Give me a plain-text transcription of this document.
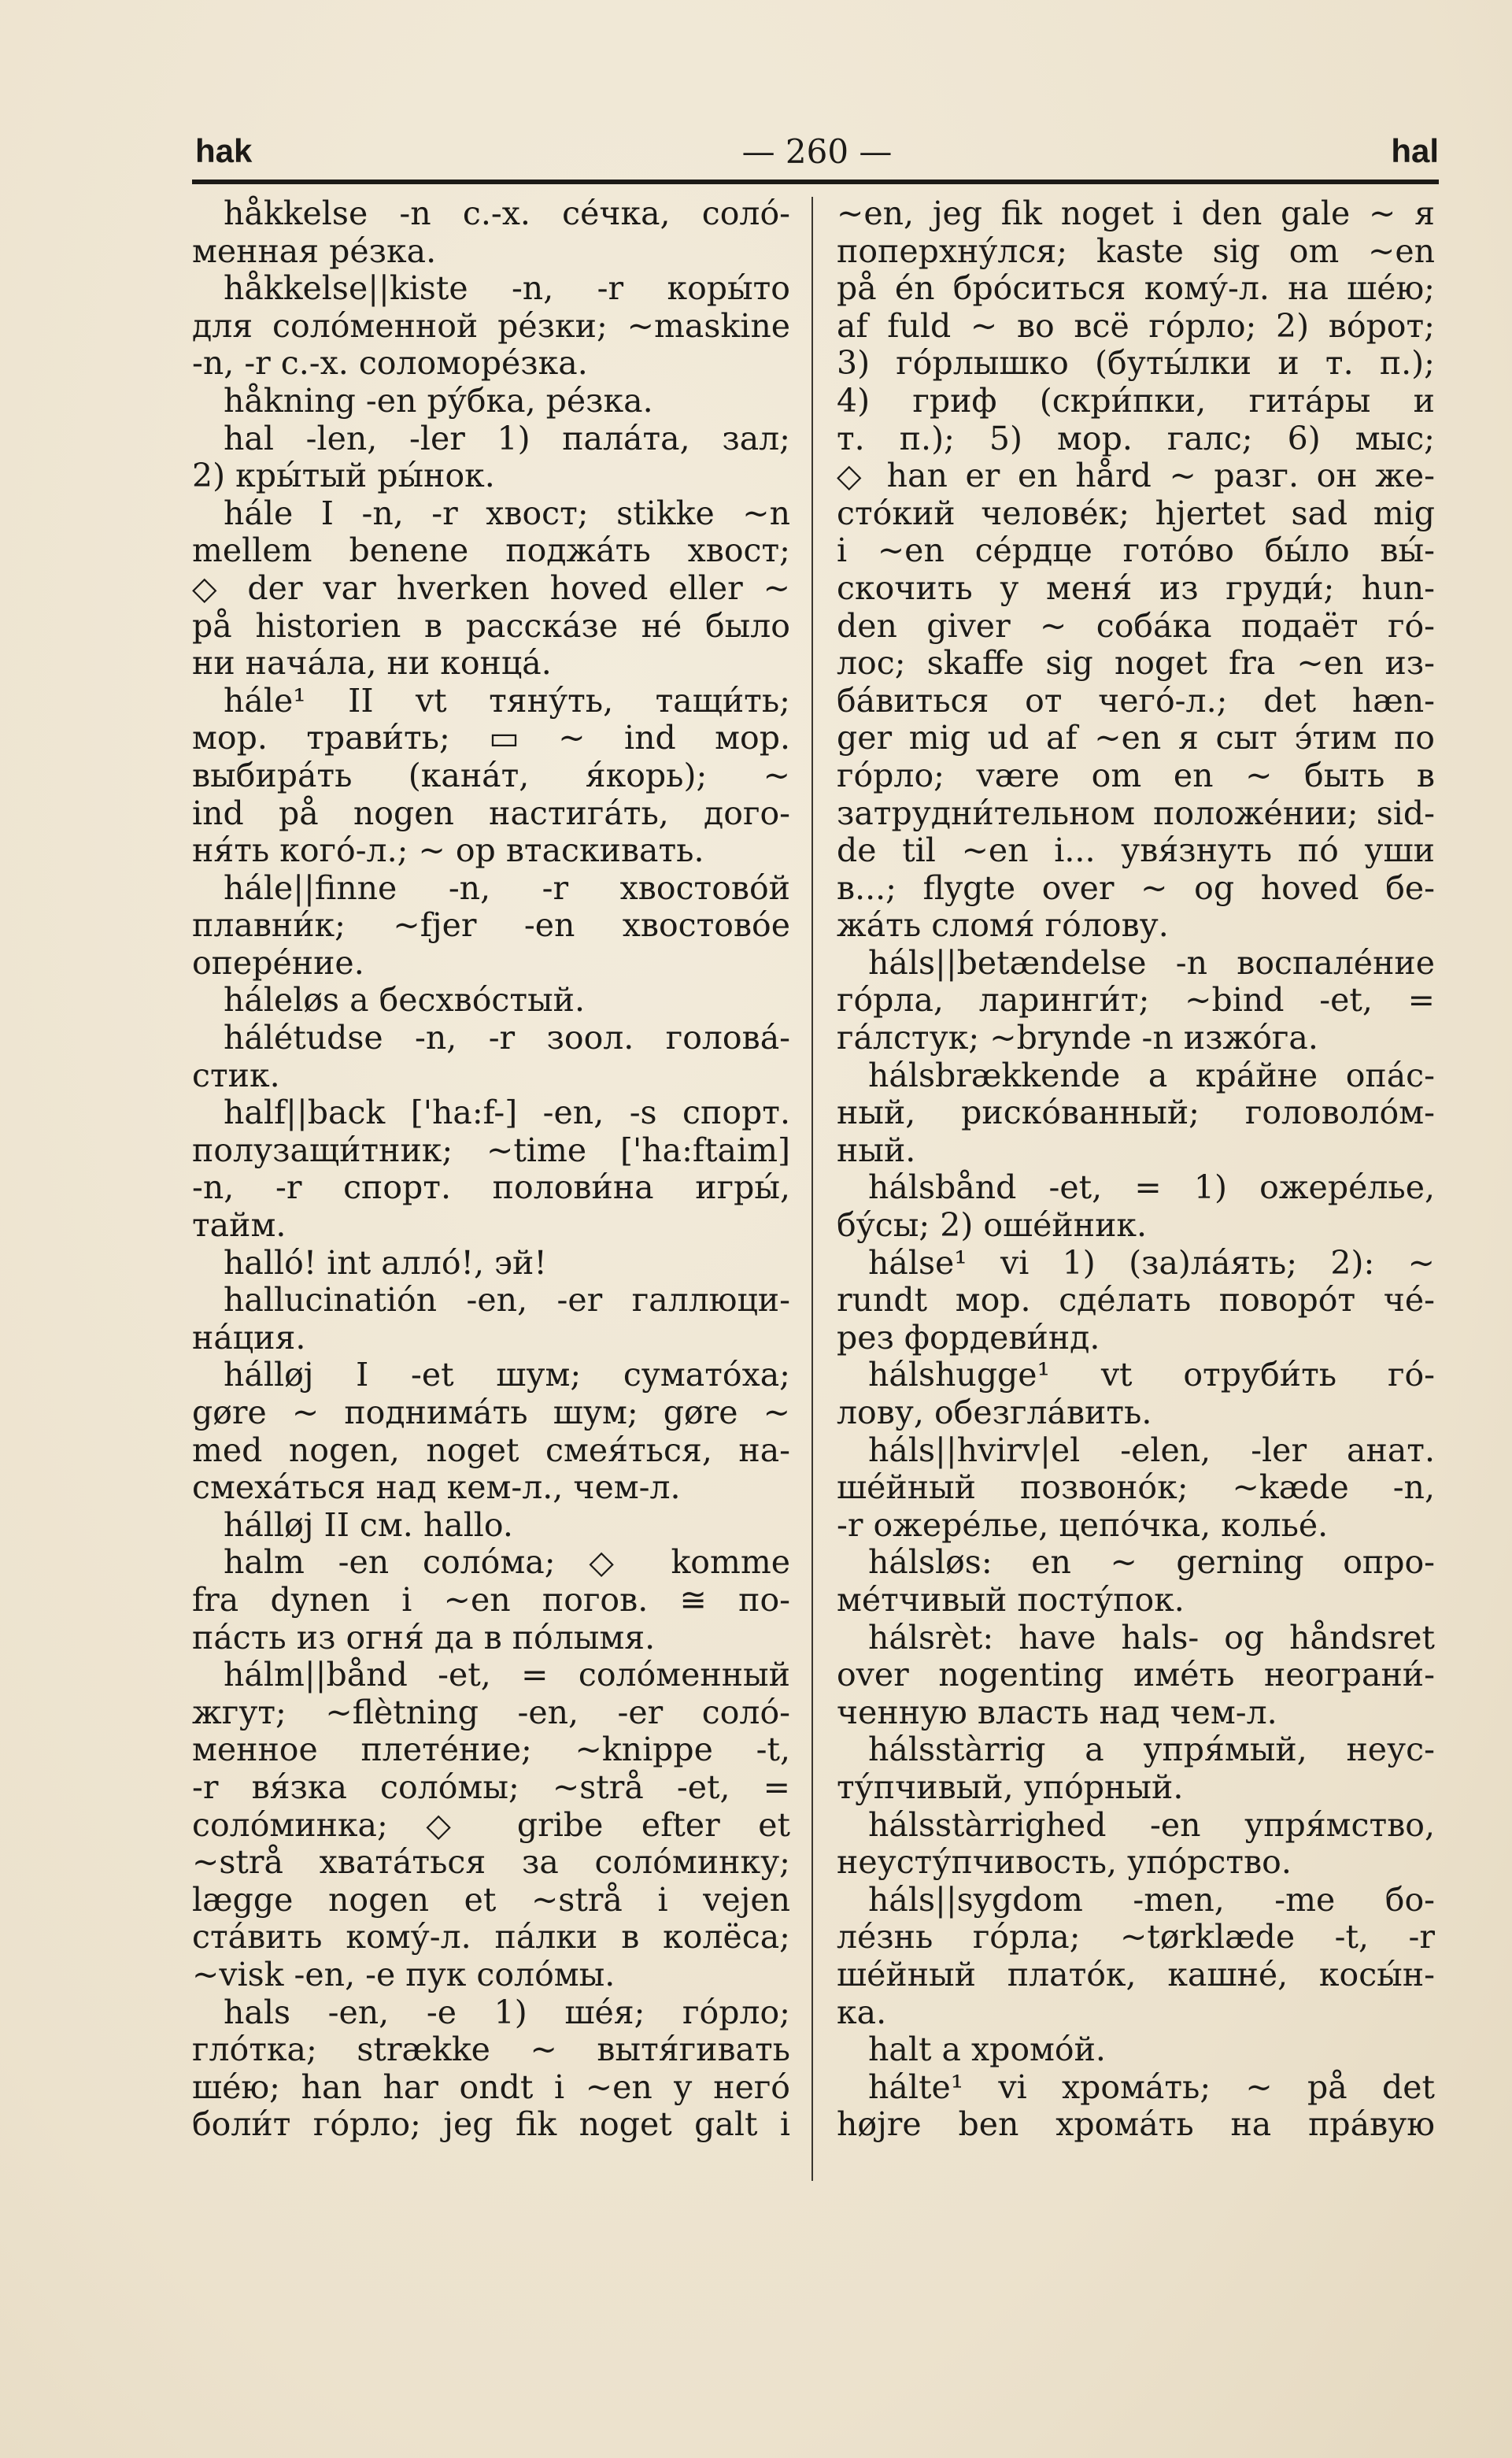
hak	— 260 —	hal
håkkelse -n с.-х. сéчка, соло́-
менная ре́зка.
håkkelse||kiste -n, -r коры́то
для соло́менной ре́зки; ~maskine
-n, -r с.-х. соломоре́зка.
håkning -en ру́бка, ре́зка.
hal -len, -ler 1) пала́та, зал;
2) кры́тый ры́нок.
hále I -n, -r хвост; stikke ~n
mellem benene поджа́ть хвост;
◇ der var hverken hoved eller ~
på historien в расска́зе не́ было
ни нача́ла, ни конца́.
hále¹ II vt тяну́ть, тащи́ть;
мор. трави́ть; ▭ ~ ind мор.
выбира́ть (кана́т, я́корь); ~
ind på nogen настига́ть, дого-
ня́ть кого́-л.; ~ op втаскивать.
hále||finne -n, -r хвостово́й
плавни́к; ~fjer -en хвостово́е
опере́ние.
háleløs a бесхво́стый.
hálétudse -n, -r зоол. голова́-
стик.
half||back ['ha:f-] -en, -s спорт.
полузащи́тник; ~time ['ha:ftaim]
-n, -r спорт. полови́на игры́,
тайм.
halló! int алло́!, эй!
hallucinatión -en, -er галлюци-
на́ция.
hálløj I -et шум; сумато́ха;
gøre ~ поднима́ть шум; gøre ~
med nogen, noget смея́ться, на-
смеха́ться над кем-л., чем-л.
hálløj II см. hallo.
halm -en соло́ма; ◇ komme
fra dynen i ~en погов. ≅ по-
па́сть из огня́ да в по́лымя.
hálm||bånd -et, = соло́менный
жгут; ~flètning -en, -er соло́-
менное плете́ние; ~knippe -t,
-r вя́зка соло́мы; ~strå -et, =
соло́минка; ◇ gribe efter et
~strå хвата́ться за соло́минку;
lægge nogen et ~strå i vejen
ста́вить кому́-л. па́лки в колёса;
~visk -en, -e пук соло́мы.
hals -en, -e 1) ше́я; го́рло;
гло́тка; strække ~ вытя́гивать
ше́ю; han har ondt i ~en у него́
боли́т го́рло; jeg fik noget galt i
~en, jeg fik noget i den gale ~ я
поперхну́лся; kaste sig om ~en
på én бро́ситься кому́-л. на ше́ю;
af fuld ~ во всё го́рло; 2) во́рот;
3) го́рлышко (буты́лки и т. п.);
4) гриф (скри́пки, гита́ры и
т. п.); 5) мор. галс; 6) мыс;
◇ han er en hård ~ разг. он же-
сто́кий челове́к; hjertet sad mig
i ~en се́рдце гото́во бы́ло вы́-
скочить у меня́ из груди́; hun-
den giver ~ соба́ка подаёт го́-
лос; skaffe sig noget fra ~en из-
ба́виться от чего́-л.; det hæn-
ger mig ud af ~en я сыт э́тим по
го́рло; være om en ~ быть в
затрудни́тельном положе́нии; sid-
de til ~en i... увя́знуть по́ уши
в...; flygte over ~ og hoved бе-
жа́ть сломя́ го́лову.
háls||betændelse -n воспале́ние
го́рла, ларинги́т; ~bind -et, =
га́лстук; ~brynde -n изжо́га.
hálsbrækkende a кра́йне опа́с-
ный, риско́ванный; головоло́м-
ный.
hálsbånd -et, = 1) ожере́лье,
бу́сы; 2) оше́йник.
hálse¹ vi 1) (за)ла́ять; 2): ~
rundt мор. сде́лать поворо́т че́-
рез фордеви́нд.
hálshugge¹ vt отруби́ть го́-
лову, обезгла́вить.
háls||hvirv|el -elen, -ler анат.
ше́йный позвоно́к; ~kæde -n,
-r ожере́лье, цепо́чка, колье́.
hálsløs: en ~ gerning опро-
ме́тчивый посту́пок.
hálsrèt: have hals- og håndsret
over nogenting име́ть неограни́-
ченную власть над чем-л.
hálsstàrrig a упря́мый, неус-
ту́пчивый, упо́рный.
hálsstàrrighed -en упря́мство,
неусту́пчивость, упо́рство.
háls||sygdom -men, -me бо-
ле́знь го́рла; ~tørklæde -t, -r
ше́йный плато́к, кашне́, косы́н-
ка.
halt a хромо́й.
hálte¹ vi хрома́ть; ~ på det
højre ben хрома́ть на пра́вую
